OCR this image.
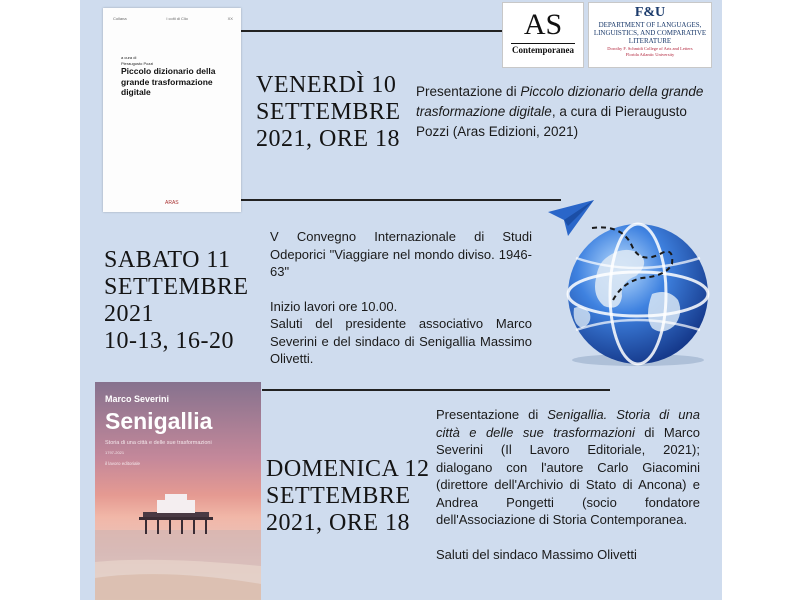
Collana	I colti di Clio	XX
a cura di
Pieraugusto Pozzi
Piccolo dizionario della grande trasformazione digitale
ARAS
AS
Contemporanea
F&U
DEPARTMENT OF LANGUAGES, LINGUISTICS, AND COMPARATIVE LITERATURE
Dorothy F. Schmidt College of Arts and Letters
Florida Atlantic University
VENERDÌ 10 SETTEMBRE 2021, ORE 18
Presentazione di Piccolo dizionario della grande trasformazione digitale, a cura di Pieraugusto Pozzi (Aras Edizioni, 2021)
SABATO 11 SETTEMBRE 2021
10-13, 16-20

V Convegno Internazionale di Studi Odeporici "Viaggiare nel mondo diviso. 1946-63"

Inizio lavori ore 10.00.

Saluti del presidente associativo Marco Severini e del sindaco di Senigallia Massimo Olivetti.

Marco Severini
Senigallia
Storia di una città e delle sue trasformazioni
1797-2021
il lavoro editoriale	DOMENICA 12 SETTEMBRE 2021, ORE 18

Presentazione di Senigallia. Storia di una città e delle sue trasformazioni di Marco Severini (Il Lavoro Editoriale, 2021); dialogano con l'autore Carlo Giacomini (direttore dell'Archivio di Stato di Ancona) e Andrea Pongetti (socio fondatore dell'Associazione di Storia Contemporanea.

Saluti del sindaco Massimo Olivetti
